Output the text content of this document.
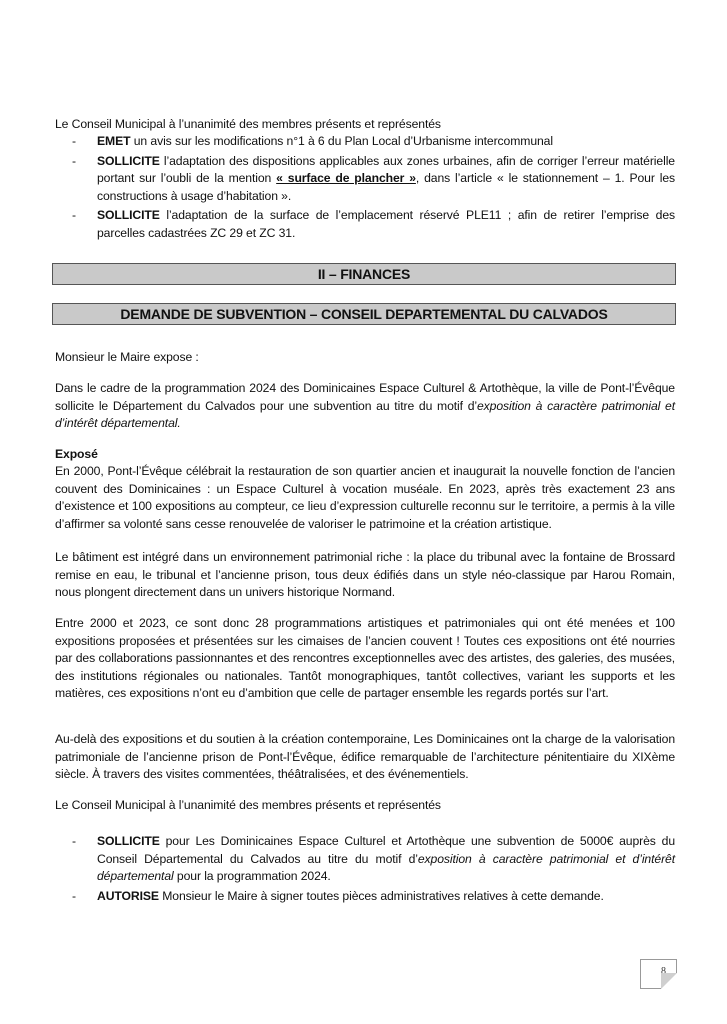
Le Conseil Municipal à l’unanimité des membres présents et représentés

- EMET un avis sur les modifications n°1 à 6 du Plan Local d’Urbanisme intercommunal
- SOLLICITE l’adaptation des dispositions applicables aux zones urbaines, afin de corriger l’erreur matérielle portant sur l’oubli de la mention « surface de plancher », dans l’article « le stationnement – 1. Pour les constructions à usage d’habitation ».
- SOLLICITE l’adaptation de la surface de l’emplacement réservé PLE11 ; afin de retirer l’emprise des parcelles cadastrées ZC 29 et ZC 31.
II – FINANCES
DEMANDE DE SUBVENTION – CONSEIL DEPARTEMENTAL DU CALVADOS

Monsieur le Maire expose :

Dans le cadre de la programmation 2024 des Dominicaines Espace Culturel & Artothèque, la ville de Pont-l’Évêque sollicite le Département du Calvados pour une subvention au titre du motif d’exposition à caractère patrimonial et d’intérêt départemental.

Exposé

En 2000, Pont-l’Évêque célébrait la restauration de son quartier ancien et inaugurait la nouvelle fonction de l’ancien couvent des Dominicaines : un Espace Culturel à vocation muséale. En 2023, après très exactement 23 ans d’existence et 100 expositions au compteur, ce lieu d’expression culturelle reconnu sur le territoire, a permis à la ville d’affirmer sa volonté sans cesse renouvelée de valoriser le patrimoine et la création artistique.

Le bâtiment est intégré dans un environnement patrimonial riche : la place du tribunal avec la fontaine de Brossard remise en eau, le tribunal et l’ancienne prison, tous deux édifiés dans un style néo-classique par Harou Romain, nous plongent directement dans un univers historique Normand.

Entre 2000 et 2023, ce sont donc 28 programmations artistiques et patrimoniales qui ont été menées et 100 expositions proposées et présentées sur les cimaises de l’ancien couvent ! Toutes ces expositions ont été nourries par des collaborations passionnantes et des rencontres exceptionnelles avec des artistes, des galeries, des musées, des institutions régionales ou nationales. Tantôt monographiques, tantôt collectives, variant les supports et les matières, ces expositions n’ont eu d’ambition que celle de partager ensemble les regards portés sur l’art.

Au-delà des expositions et du soutien à la création contemporaine, Les Dominicaines ont la charge de la valorisation patrimoniale de l’ancienne prison de Pont-l’Évêque, édifice remarquable de l’architecture pénitentiaire du XIXème siècle. À travers des visites commentées, théâtralisées, et des événementiels.

Le Conseil Municipal à l’unanimité des membres présents et représentés

- SOLLICITE pour Les Dominicaines Espace Culturel et Artothèque une subvention de 5000€ auprès du Conseil Départemental du Calvados au titre du motif d’exposition à caractère patrimonial et d’intérêt départemental pour la programmation 2024.
- AUTORISE Monsieur le Maire à signer toutes pièces administratives relatives à cette demande.
8
